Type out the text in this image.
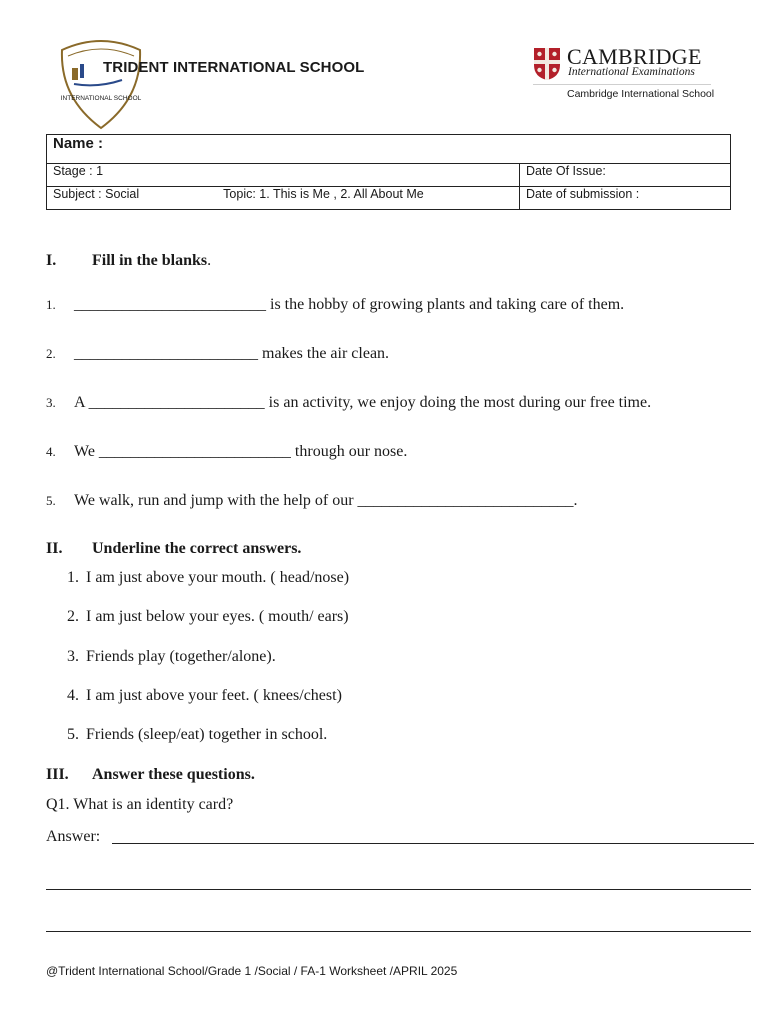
INTERNATIONAL SCHOOL
TRIDENT INTERNATIONAL SCHOOL	CAMBRIDGE
International Examinations
Cambridge International School
Name :	
Stage : 1	Date Of Issue:
Subject : Social Topic: 1. This is Me , 2. All About Me	Date of submission :
I. Fill in the blanks.
1. ________________________ is the hobby of growing plants and taking care of them.
2. _______________________ makes the air clean.
3. A ______________________ is an activity, we enjoy doing the most during our free time.
4. We ________________________ through our nose.
5. We walk, run and jump with the help of our ___________________________.
II. Underline the correct answers.
1. I am just above your mouth. ( head/nose)
2. I am just below your eyes. ( mouth/ ears)
3. Friends play (together/alone).
4. I am just above your feet. ( knees/chest)
5. Friends (sleep/eat) together in school.
III. Answer these questions.
Q1. What is an identity card?
Answer:
@Trident International School/Grade 1 /Social / FA-1 Worksheet /APRIL 2025
